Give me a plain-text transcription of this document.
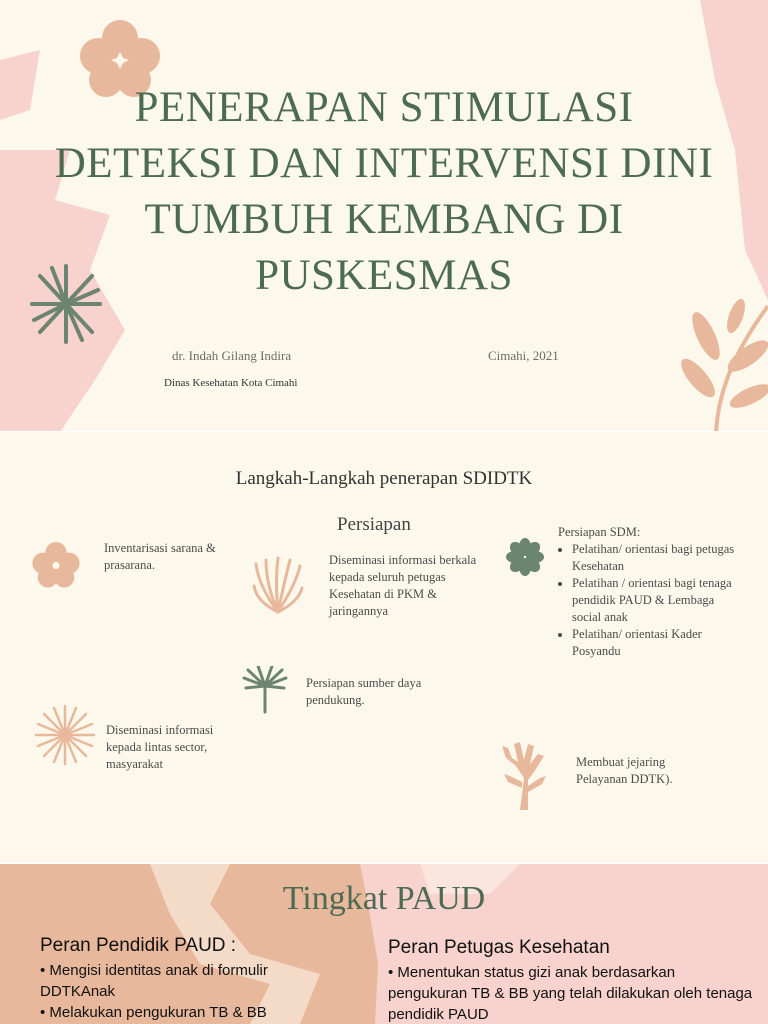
PENERAPAN STIMULASI DETEKSI DAN INTERVENSI DINI TUMBUH KEMBANG DI PUSKESMAS
dr. Indah Gilang Indira	Cimahi, 2021
Dinas Kesehatan Kota Cimahi
Langkah-Langkah penerapan SDIDTK
Persiapan
Inventarisasi sarana & prasarana.	Diseminasi informasi berkala kepada seluruh petugas Kesehatan di PKM & jaringannya
Persiapan SDM:
• Pelatihan/ orientasi bagi petugas Kesehatan
• Pelatihan / orientasi bagi tenaga pendidik PAUD & Lembaga social anak
• Pelatihan/ orientasi Kader Posyandu
Persiapan sumber daya pendukung.
Diseminasi informasi kepada lintas sector, masyarakat	Membuat jejaring Pelayanan DDTK).
Tingkat PAUD
Peran Pendidik PAUD :
• Mengisi identitas anak di formulir DDTKAnak
• Melakukan pengukuran TB & BB
Peran Petugas Kesehatan
• Menentukan status gizi anak berdasarkan pengukuran TB & BB yang telah dilakukan oleh tenaga pendidik PAUD
